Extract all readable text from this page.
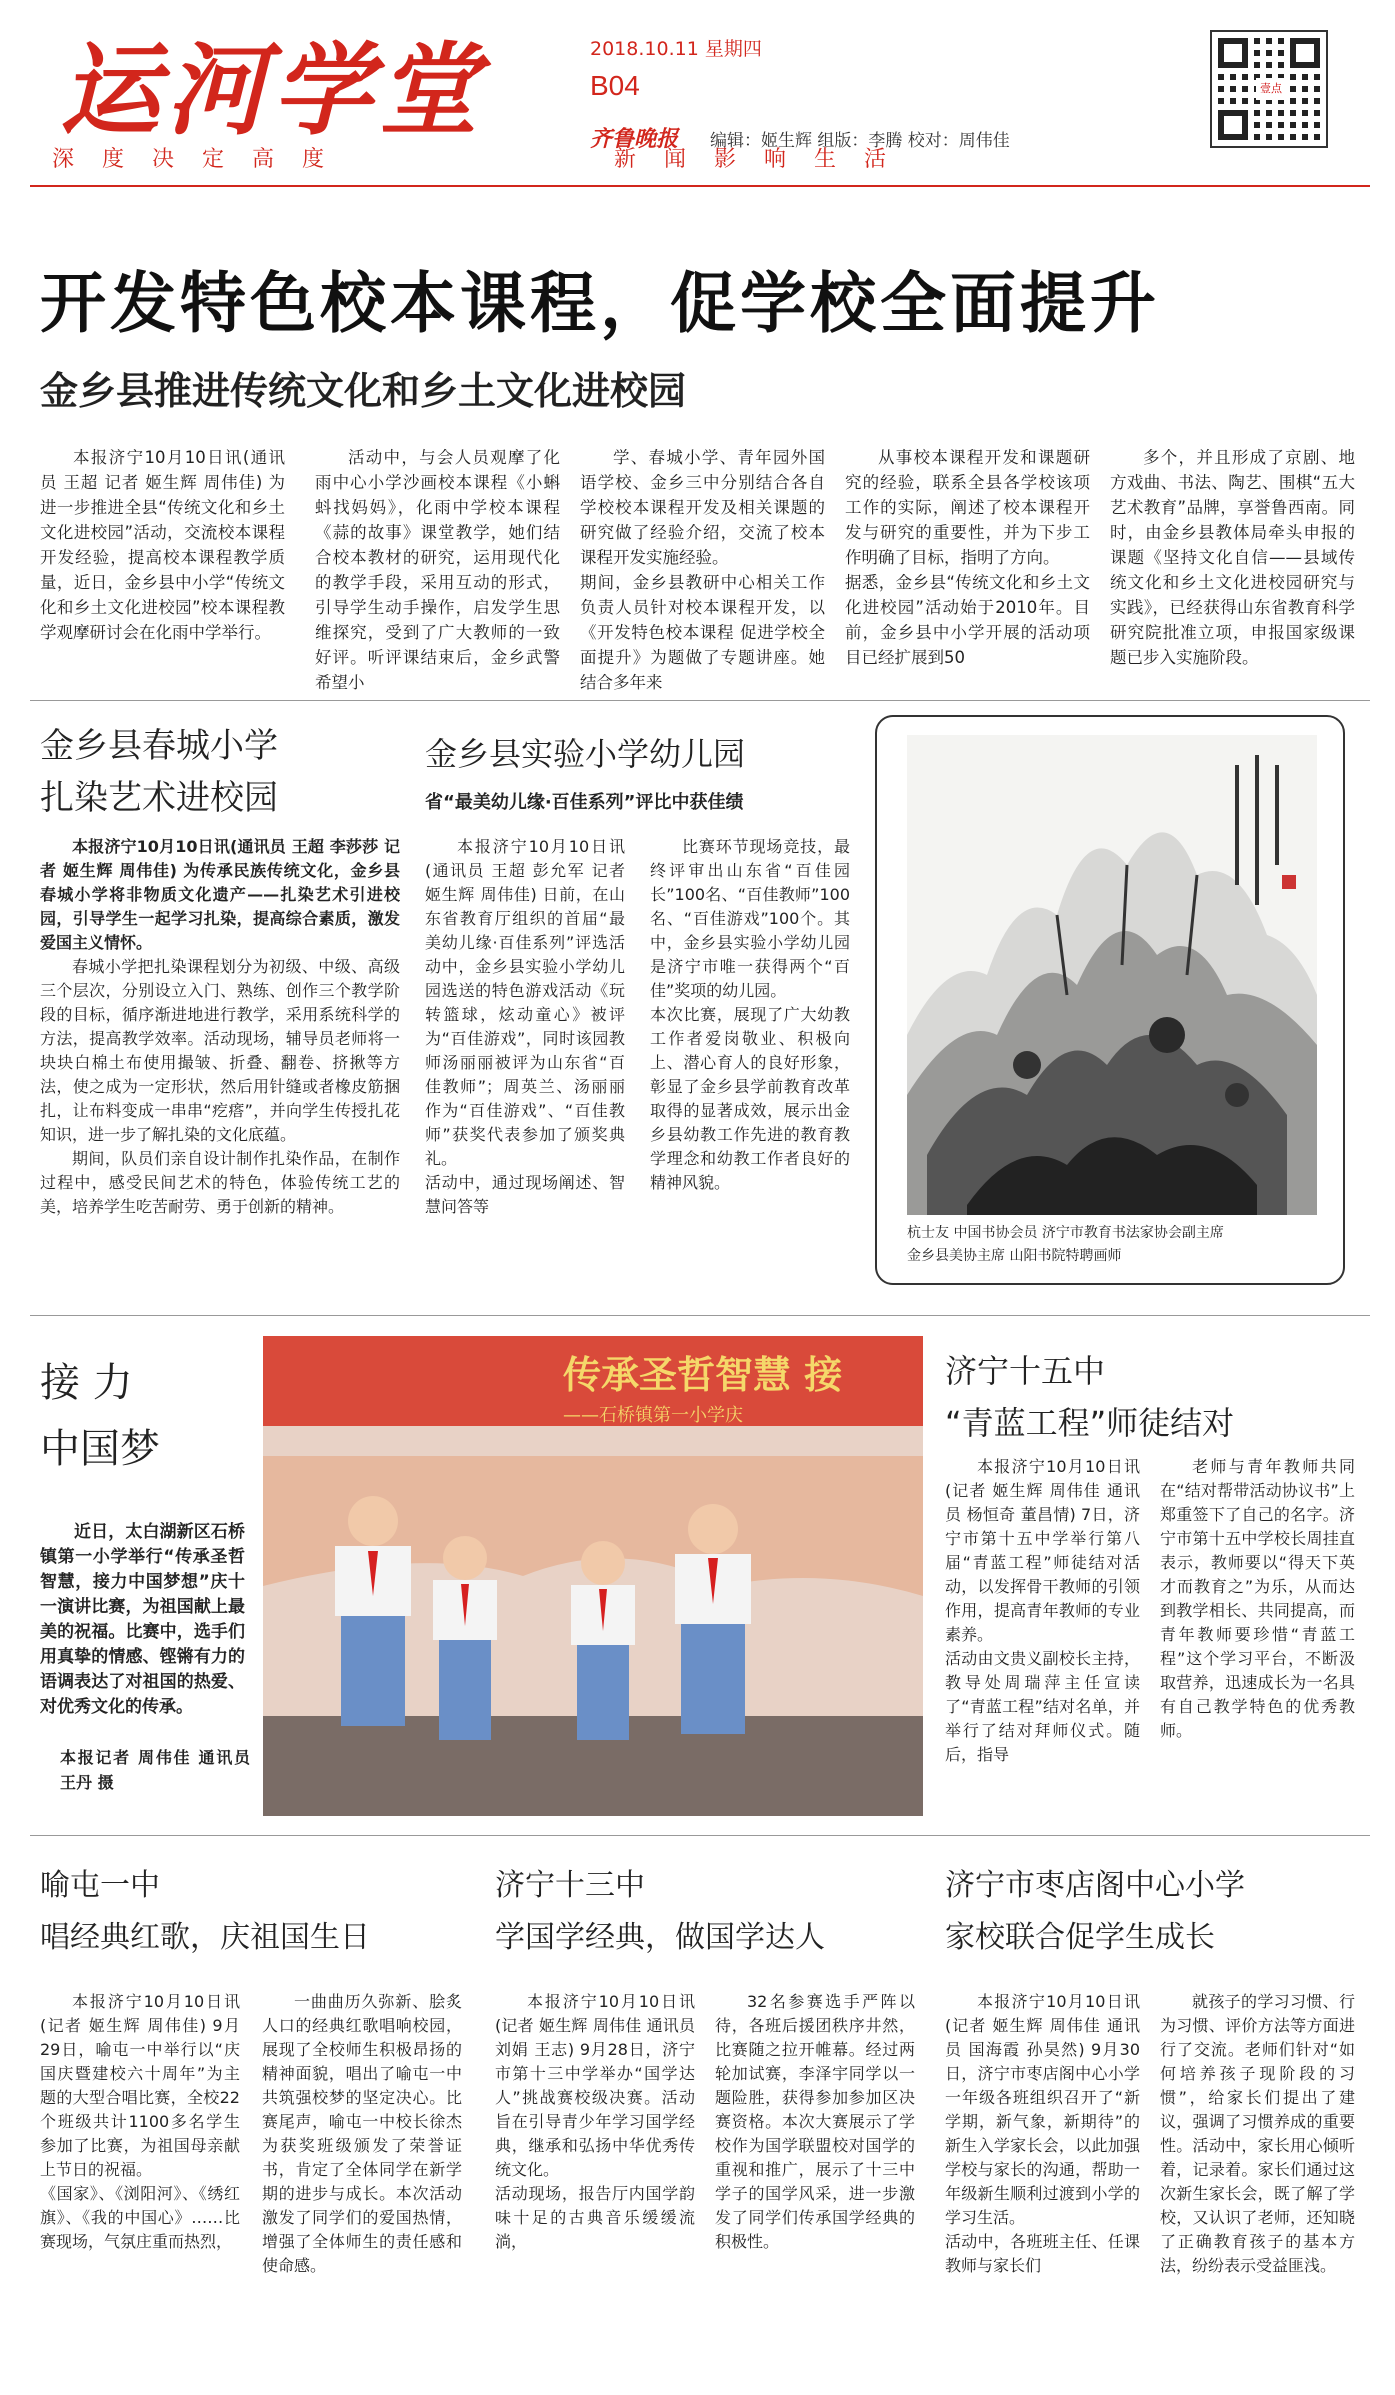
运河学堂	2018.10.11 星期四
B04
齐鲁晚报 编辑：姬生辉 组版：李腾 校对：周伟佳
壹点
深度决定高度	新闻影响生活
开发特色校本课程，促学校全面提升
金乡县推进传统文化和乡土文化进校园

本报济宁10月10日讯(通讯员 王超 记者 姬生辉 周伟佳) 为进一步推进全县“传统文化和乡土文化进校园”活动，交流校本课程开发经验，提高校本课程教学质量，近日，金乡县中小学“传统文化和乡土文化进校园”校本课程教学观摩研讨会在化雨中学举行。

活动中，与会人员观摩了化雨中心小学沙画校本课程《小蝌蚪找妈妈》，化雨中学校本课程《蒜的故事》课堂教学，她们结合校本教材的研究，运用现代化的教学手段，采用互动的形式，引导学生动手操作，启发学生思维探究，受到了广大教师的一致好评。听评课结束后，金乡武警希望小

学、春城小学、青年园外国语学校、金乡三中分别结合各自学校校本课程开发及相关课题的研究做了经验介绍，交流了校本课程开发实施经验。
期间，金乡县教研中心相关工作负责人员针对校本课程开发，以《开发特色校本课程 促进学校全面提升》为题做了专题讲座。她结合多年来

从事校本课程开发和课题研究的经验，联系全县各学校该项工作的实际，阐述了校本课程开发与研究的重要性，并为下步工作明确了目标，指明了方向。
据悉，金乡县“传统文化和乡土文化进校园”活动始于2010年。目前，金乡县中小学开展的活动项目已经扩展到50

多个，并且形成了京剧、地方戏曲、书法、陶艺、围棋“五大艺术教育”品牌，享誉鲁西南。同时，由金乡县教体局牵头申报的课题《坚持文化自信——县域传统文化和乡土文化进校园研究与实践》，已经获得山东省教育科学研究院批准立项，申报国家级课题已步入实施阶段。

金乡县春城小学
扎染艺术进校园

本报济宁10月10日讯(通讯员 王超 李莎莎 记者 姬生辉 周伟佳) 为传承民族传统文化，金乡县春城小学将非物质文化遗产——扎染艺术引进校园，引导学生一起学习扎染，提高综合素质，激发爱国主义情怀。

春城小学把扎染课程划分为初级、中级、高级三个层次，分别设立入门、熟练、创作三个教学阶段的目标，循序渐进地进行教学，采用系统科学的方法，提高教学效率。活动现场，辅导员老师将一块块白棉土布使用撮皱、折叠、翻卷、挤揪等方法，使之成为一定形状，然后用针缝或者橡皮筋捆扎，让布料变成一串串“疙瘩”，并向学生传授扎花知识，进一步了解扎染的文化底蕴。

期间，队员们亲自设计制作扎染作品，在制作过程中，感受民间艺术的特色，体验传统工艺的美，培养学生吃苦耐劳、勇于创新的精神。

金乡县实验小学幼儿园
省“最美幼儿缘·百佳系列”评比中获佳绩

本报济宁10月10日讯(通讯员 王超 彭允军 记者 姬生辉 周伟佳) 日前，在山东省教育厅组织的首届“最美幼儿缘·百佳系列”评选活动中，金乡县实验小学幼儿园选送的特色游戏活动《玩转篮球，炫动童心》被评为“百佳游戏”，同时该园教师汤丽丽被评为山东省“百佳教师”；周英兰、汤丽丽作为“百佳游戏”、“百佳教师”获奖代表参加了颁奖典礼。
活动中，通过现场阐述、智慧问答等

比赛环节现场竞技，最终评审出山东省“百佳园长”100名、“百佳教师”100名、“百佳游戏”100个。其中，金乡县实验小学幼儿园是济宁市唯一获得两个“百佳”奖项的幼儿园。
本次比赛，展现了广大幼教工作者爱岗敬业、积极向上、潜心育人的良好形象，彰显了金乡县学前教育改革取得的显著成效，展示出金乡县幼教工作先进的教育教学理念和幼教工作者良好的精神风貌。

杭士友 中国书协会员 济宁市教育书法家协会副主席
金乡县美协主席 山阳书院特聘画师
接 力
中国梦

近日，太白湖新区石桥镇第一小学举行“传承圣哲智慧，接力中国梦想”庆十一演讲比赛，为祖国献上最美的祝福。比赛中，选手们用真挚的情感、铿锵有力的语调表达了对祖国的热爱、对优秀文化的传承。

本报记者 周伟佳 通讯员 王丹 摄
传承圣哲智慧 接
——石桥镇第一小学庆
济宁十五中
“青蓝工程”师徒结对

本报济宁10月10日讯(记者 姬生辉 周伟佳 通讯员 杨恒奇 董昌情) 7日，济宁市第十五中学举行第八届“青蓝工程”师徒结对活动，以发挥骨干教师的引领作用，提高青年教师的专业素养。
活动由文贵义副校长主持，教导处周瑞萍主任宣读了“青蓝工程”结对名单，并举行了结对拜师仪式。随后，指导

老师与青年教师共同在“结对帮带活动协议书”上郑重签下了自己的名字。济宁市第十五中学校长周挂直表示，教师要以“得天下英才而教育之”为乐，从而达到教学相长、共同提高，而青年教师要珍惜“青蓝工程”这个学习平台，不断汲取营养，迅速成长为一名具有自己教学特色的优秀教师。

喻屯一中
唱经典红歌，庆祖国生日

本报济宁10月10日讯(记者 姬生辉 周伟佳) 9月29日，喻屯一中举行以“庆国庆暨建校六十周年”为主题的大型合唱比赛，全校22个班级共计1100多名学生参加了比赛，为祖国母亲献上节日的祝福。
《国家》、《浏阳河》、《绣红旗》、《我的中国心》……比赛现场，气氛庄重而热烈，

一曲曲历久弥新、脍炙人口的经典红歌唱响校园，展现了全校师生积极昂扬的精神面貌，唱出了喻屯一中共筑强校梦的坚定决心。比赛尾声，喻屯一中校长徐杰为获奖班级颁发了荣誉证书，肯定了全体同学在新学期的进步与成长。本次活动激发了同学们的爱国热情，增强了全体师生的责任感和使命感。

济宁十三中
学国学经典，做国学达人

本报济宁10月10日讯(记者 姬生辉 周伟佳 通讯员 刘娟 王志) 9月28日，济宁市第十三中学举办“国学达人”挑战赛校级决赛。活动旨在引导青少年学习国学经典，继承和弘扬中华优秀传统文化。
活动现场，报告厅内国学韵味十足的古典音乐缓缓流淌，

32名参赛选手严阵以待，各班后援团秩序井然，比赛随之拉开帷幕。经过两轮加试赛，李泽宇同学以一题险胜，获得参加参加区决赛资格。本次大赛展示了学校作为国学联盟校对国学的重视和推广，展示了十三中学子的国学风采，进一步激发了同学们传承国学经典的积极性。

济宁市枣店阁中心小学
家校联合促学生成长

本报济宁10月10日讯(记者 姬生辉 周伟佳 通讯员 国海霞 孙昊然) 9月30日，济宁市枣店阁中心小学一年级各班组织召开了“新学期，新气象，新期待”的新生入学家长会，以此加强学校与家长的沟通，帮助一年级新生顺利过渡到小学的学习生活。
活动中，各班班主任、任课教师与家长们

就孩子的学习习惯、行为习惯、评价方法等方面进行了交流。老师们针对“如何培养孩子现阶段的习惯”，给家长们提出了建议，强调了习惯养成的重要性。活动中，家长用心倾听着，记录着。家长们通过这次新生家长会，既了解了学校，又认识了老师，还知晓了正确教育孩子的基本方法，纷纷表示受益匪浅。
